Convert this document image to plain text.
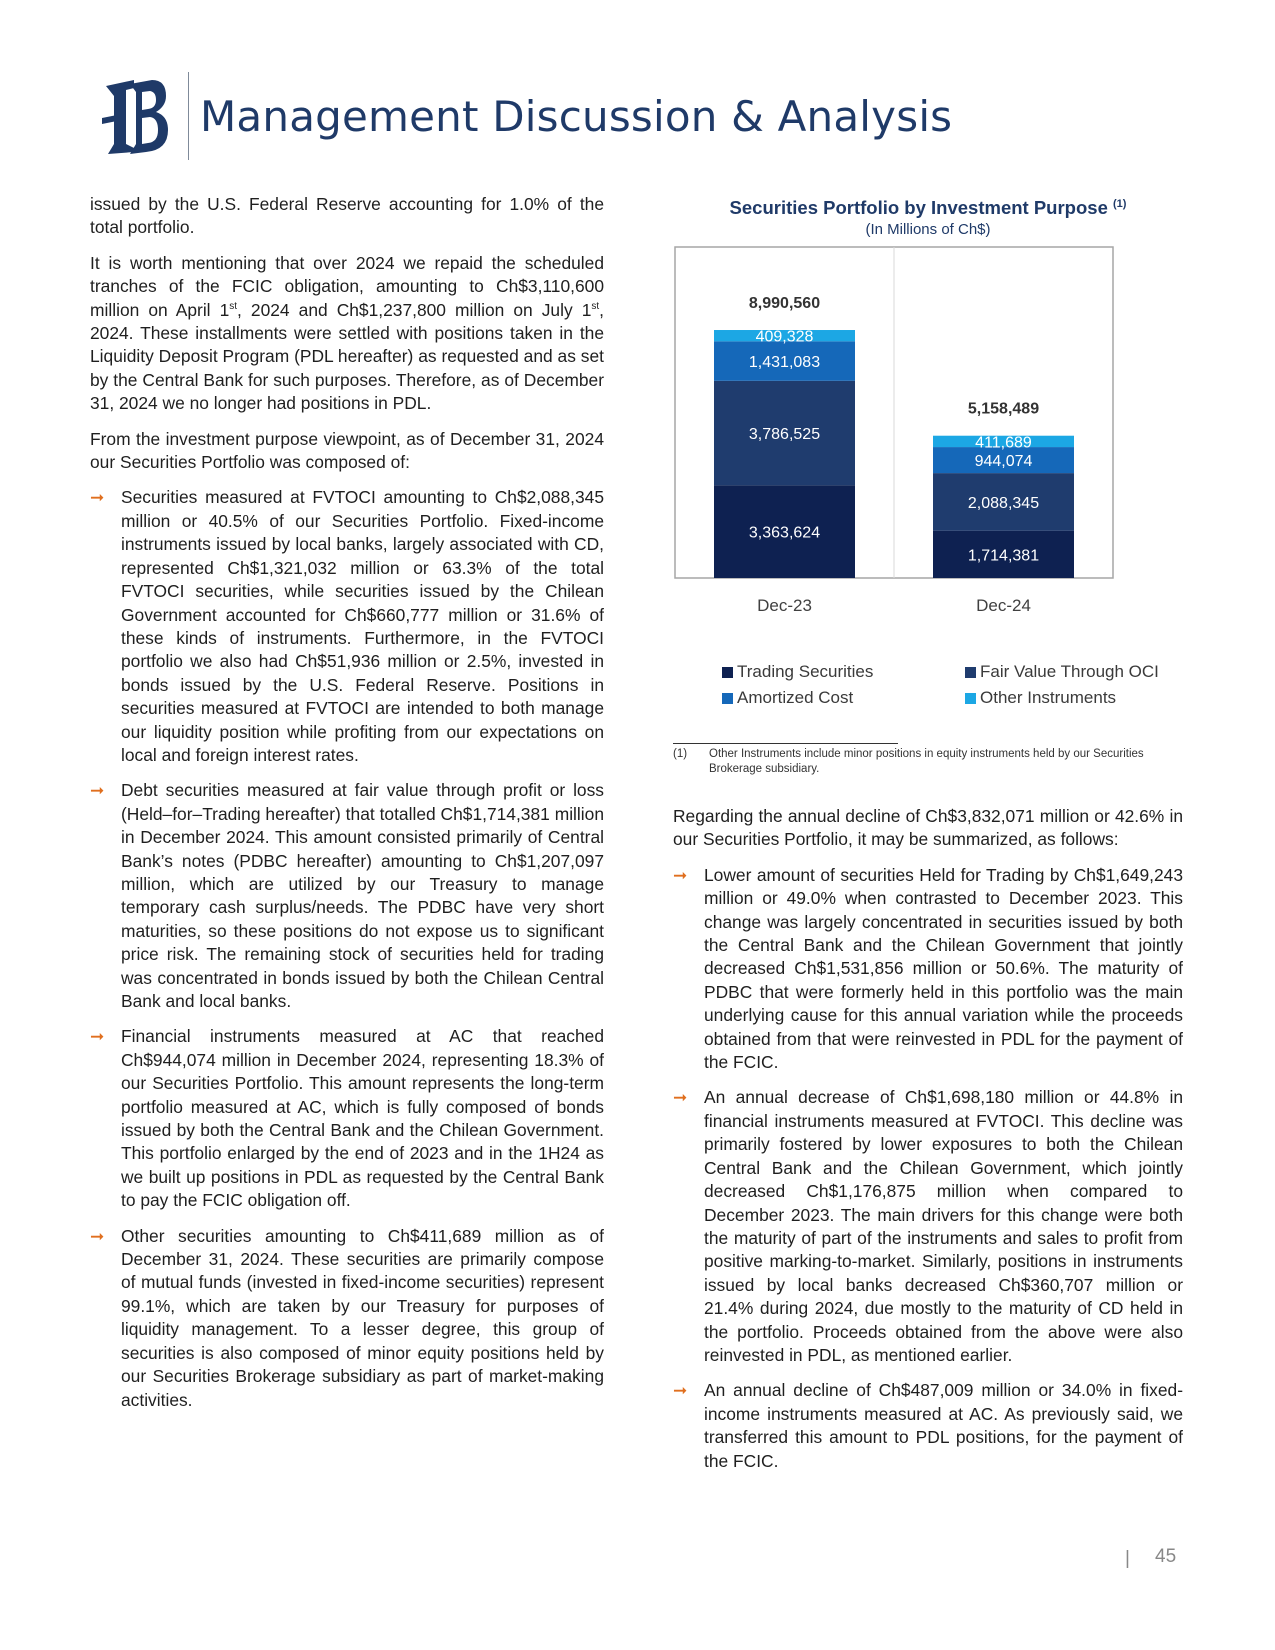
Management Discussion & Analysis

issued by the U.S. Federal Reserve accounting for 1.0% of the total portfolio.

It is worth mentioning that over 2024 we repaid the scheduled tranches of the FCIC obligation, amounting to Ch$3,110,600 million on April 1st, 2024 and Ch$1,237,800 million on July 1st, 2024. These installments were settled with positions taken in the Liquidity Deposit Program (PDL hereafter) as requested and as set by the Central Bank for such purposes. Therefore, as of December 31, 2024 we no longer had positions in PDL.

From the investment purpose viewpoint, as of December 31, 2024 our Securities Portfolio was composed of:

➞ Securities measured at FVTOCI amounting to Ch$2,088,345 million or 40.5% of our Securities Portfolio. Fixed-income instruments issued by local banks, largely associated with CD, represented Ch$1,321,032 million or 63.3% of the total FVTOCI securities, while securities issued by the Chilean Government accounted for Ch$660,777 million or 31.6% of these kinds of instruments. Furthermore, in the FVTOCI portfolio we also had Ch$51,936 million or 2.5%, invested in bonds issued by the U.S. Federal Reserve. Positions in securities measured at FVTOCI are intended to both manage our liquidity position while profiting from our expectations on local and foreign interest rates.
➞ Debt securities measured at fair value through profit or loss (Held–for–Trading hereafter) that totalled Ch$1,714,381 million in December 2024. This amount consisted primarily of Central Bank’s notes (PDBC hereafter) amounting to Ch$1,207,097 million, which are utilized by our Treasury to manage temporary cash surplus/needs. The PDBC have very short maturities, so these positions do not expose us to significant price risk. The remaining stock of securities held for trading was concentrated in bonds issued by both the Chilean Central Bank and local banks.
➞ Financial instruments measured at AC that reached Ch$944,074 million in December 2024, representing 18.3% of our Securities Portfolio. This amount represents the long-term portfolio measured at AC, which is fully composed of bonds issued by both the Central Bank and the Chilean Government. This portfolio enlarged by the end of 2023 and in the 1H24 as we built up positions in PDL as requested by the Central Bank to pay the FCIC obligation off.
➞ Other securities amounting to Ch$411,689 million as of December 31, 2024. These securities are primarily compose of mutual funds (invested in fixed-income securities) represent 99.1%, which are taken by our Treasury for purposes of liquidity management. To a lesser degree, this group of securities is also composed of minor equity positions held by our Securities Brokerage subsidiary as part of market-making activities.
Securities Portfolio by Investment Purpose $^{(1)}$
(In Millions of Ch$)
3,363,624
3,786,525
1,431,083
409,328
8,990,560
Dec-23
1,714,381
2,088,345
944,074
411,689
5,158,489
Dec-24
Trading Securities	Fair Value Through OCI
Amortized Cost	Other Instruments
(1) Other Instruments include minor positions in equity instruments held by our Securities Brokerage subsidiary.

Regarding the annual decline of Ch$3,832,071 million or 42.6% in our Securities Portfolio, it may be summarized, as follows:

➞ Lower amount of securities Held for Trading by Ch$1,649,243 million or 49.0% when contrasted to December 2023. This change was largely concentrated in securities issued by both the Central Bank and the Chilean Government that jointly decreased Ch$1,531,856 million or 50.6%. The maturity of PDBC that were formerly held in this portfolio was the main underlying cause for this annual variation while the proceeds obtained from that were reinvested in PDL for the payment of the FCIC.
➞ An annual decrease of Ch$1,698,180 million or 44.8% in financial instruments measured at FVTOCI. This decline was primarily fostered by lower exposures to both the Chilean Central Bank and the Chilean Government, which jointly decreased Ch$1,176,875 million when compared to December 2023. The main drivers for this change were both the maturity of part of the instruments and sales to profit from positive marking-to-market. Similarly, positions in instruments issued by local banks decreased Ch$360,707 million or 21.4% during 2024, due mostly to the maturity of CD held in the portfolio. Proceeds obtained from the above were also reinvested in PDL, as mentioned earlier.
➞ An annual decline of Ch$487,009 million or 34.0% in fixed-income instruments measured at AC. As previously said, we transferred this amount to PDL positions, for the payment of the FCIC.
| 45
